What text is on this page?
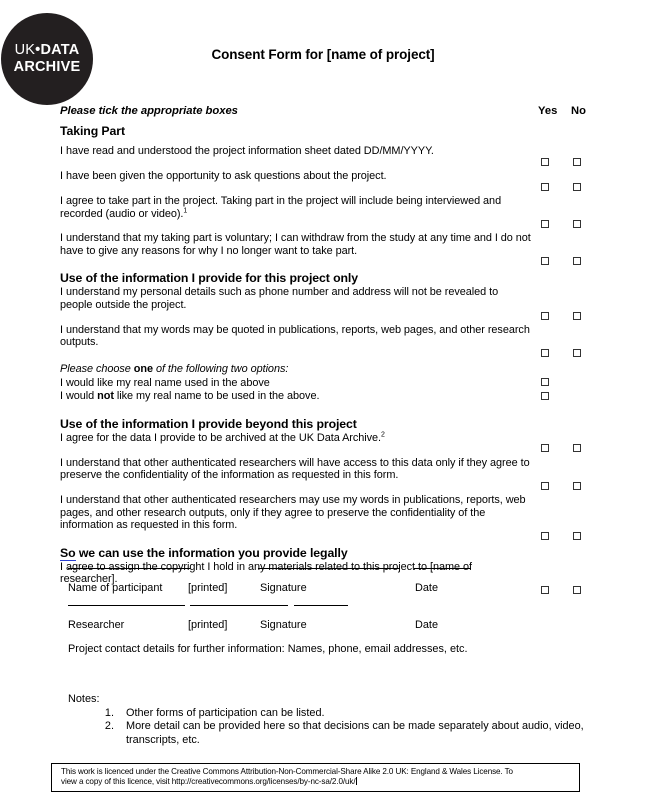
UK•DATA
ARCHIVE
Consent Form for [name of project]
Please tick the appropriate boxes	Yes No
Taking Part
I have read and understood the project information sheet dated DD/MM/YYYY.
I have been given the opportunity to ask questions about the project.
I agree to take part in the project. Taking part in the project will include being interviewed and recorded (audio or video).$^1$
I understand that my taking part is voluntary; I can withdraw from the study at any time and I do not have to give any reasons for why I no longer want to take part.
Use of the information I provide for this project only
I understand my personal details such as phone number and address will not be revealed to people outside the project.
I understand that my words may be quoted in publications, reports, web pages, and other research outputs.
Please choose one of the following two options:
I would like my real name used in the above
I would not like my real name to be used in the above.
Use of the information I provide beyond this project
I agree for the data I provide to be archived at the UK Data Archive.$^2$
I understand that other authenticated researchers will have access to this data only if they agree to preserve the confidentiality of the information as requested in this form.
I understand that other authenticated researchers may use my words in publications, reports, web pages, and other research outputs, only if they agree to preserve the confidentiality of the information as requested in this form.
So we can use the information you provide legally
I agree to assign the copyright I hold in any materials related to this project to [name of researcher].
Name of participant [printed]	Signature	Date
Researcher	[printed]	Signature	Date
Project contact details for further information: Names, phone, email addresses, etc.
Notes:
1. Other forms of participation can be listed.
2. More detail can be provided here so that decisions can be made separately about audio, video, transcripts, etc.
This work is licenced under the Creative Commons Attribution-Non-Commercial-Share Alike 2.0 UK: England & Wales License. To
view a copy of this licence, visit http://creativecommons.org/licenses/by-nc-sa/2.0/uk/
